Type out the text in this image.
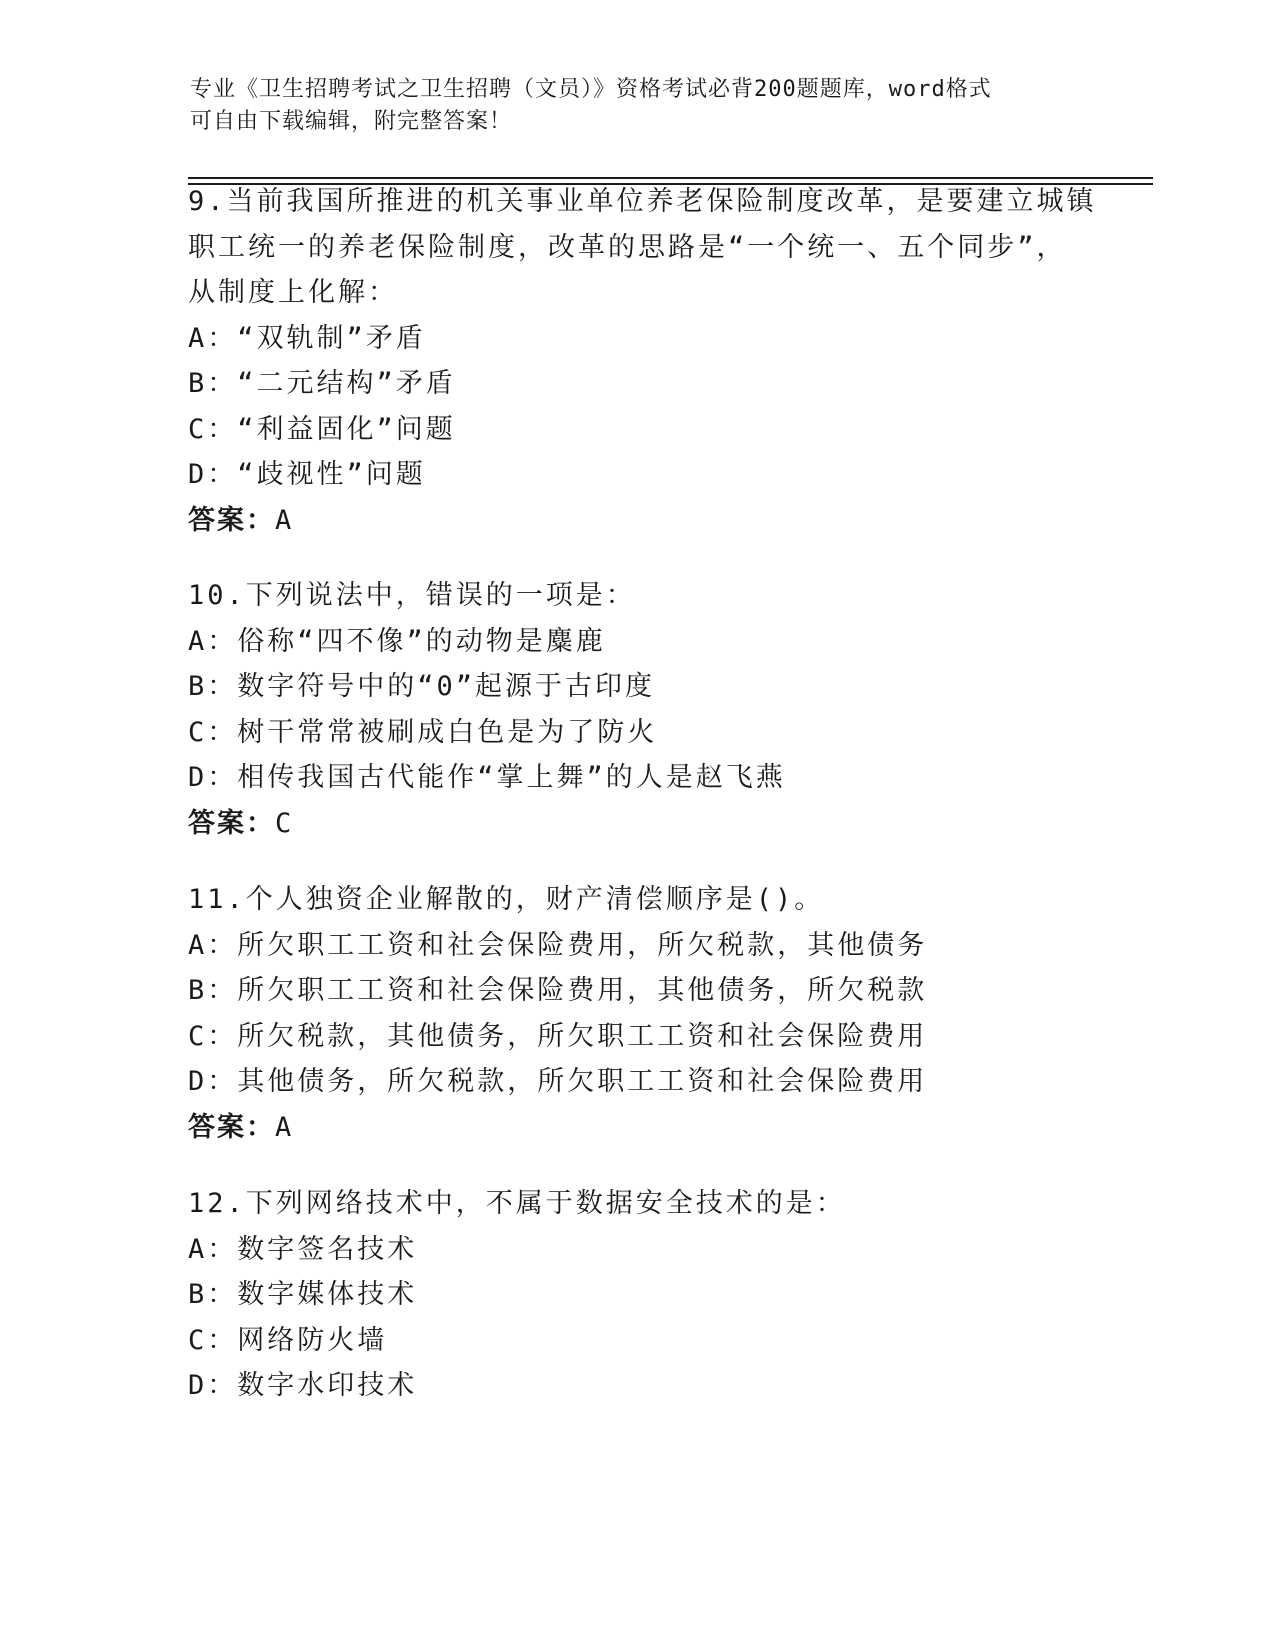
专业《卫生招聘考试之卫生招聘（文员）》资格考试必背200题题库，word格式
可自由下载编辑，附完整答案！
9.当前我国所推进的机关事业单位养老保险制度改革，是要建立城镇
职工统一的养老保险制度，改革的思路是“一个统一、五个同步”，
从制度上化解：
A：“双轨制”矛盾
B：“二元结构”矛盾
C：“利益固化”问题
D：“歧视性”问题
答案：A
10.下列说法中，错误的一项是：
A：俗称“四不像”的动物是麋鹿
B：数字符号中的“0”起源于古印度
C：树干常常被刷成白色是为了防火
D：相传我国古代能作“掌上舞”的人是赵飞燕
答案：C
11.个人独资企业解散的，财产清偿顺序是()。
A：所欠职工工资和社会保险费用，所欠税款，其他债务
B：所欠职工工资和社会保险费用，其他债务，所欠税款
C：所欠税款，其他债务，所欠职工工资和社会保险费用
D：其他债务，所欠税款，所欠职工工资和社会保险费用
答案：A
12.下列网络技术中，不属于数据安全技术的是：
A：数字签名技术
B：数字媒体技术
C：网络防火墙
D：数字水印技术
